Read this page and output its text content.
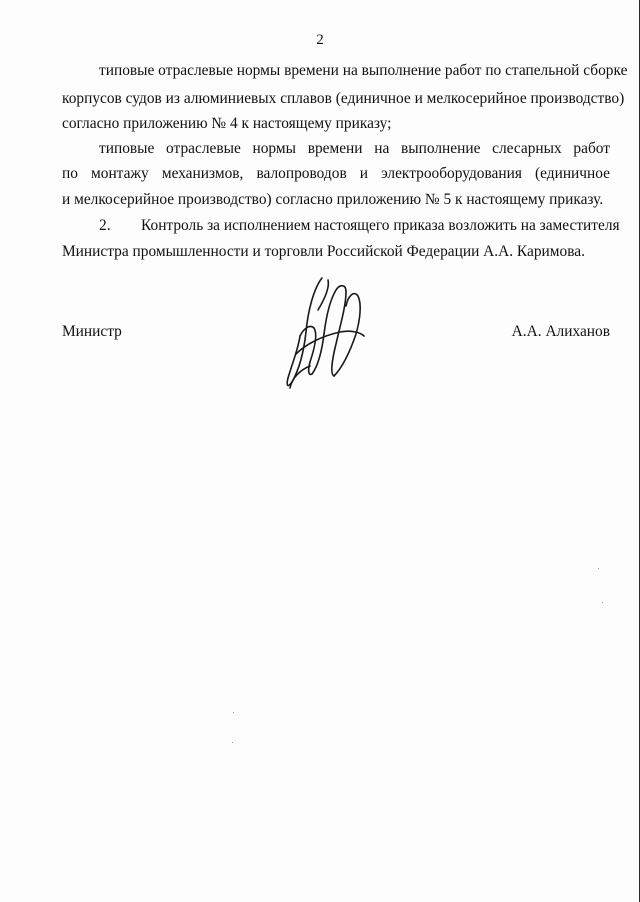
2
типовые отраслевые нормы времени на выполнение работ по стапельной сборке
корпусов судов из алюминиевых сплавов (единичное и мелкосерийное производство)
согласно приложению № 4 к настоящему приказу;
типовые отраслевые нормы времени на выполнение слесарных работ
по монтажу механизмов, валопроводов и электрооборудования (единичное
и мелкосерийное производство) согласно приложению № 5 к настоящему приказу.
2. Контроль за исполнением настоящего приказа возложить на заместителя
Министра промышленности и торговли Российской Федерации А.А. Каримова.
Министр	А.А. Алиханов
